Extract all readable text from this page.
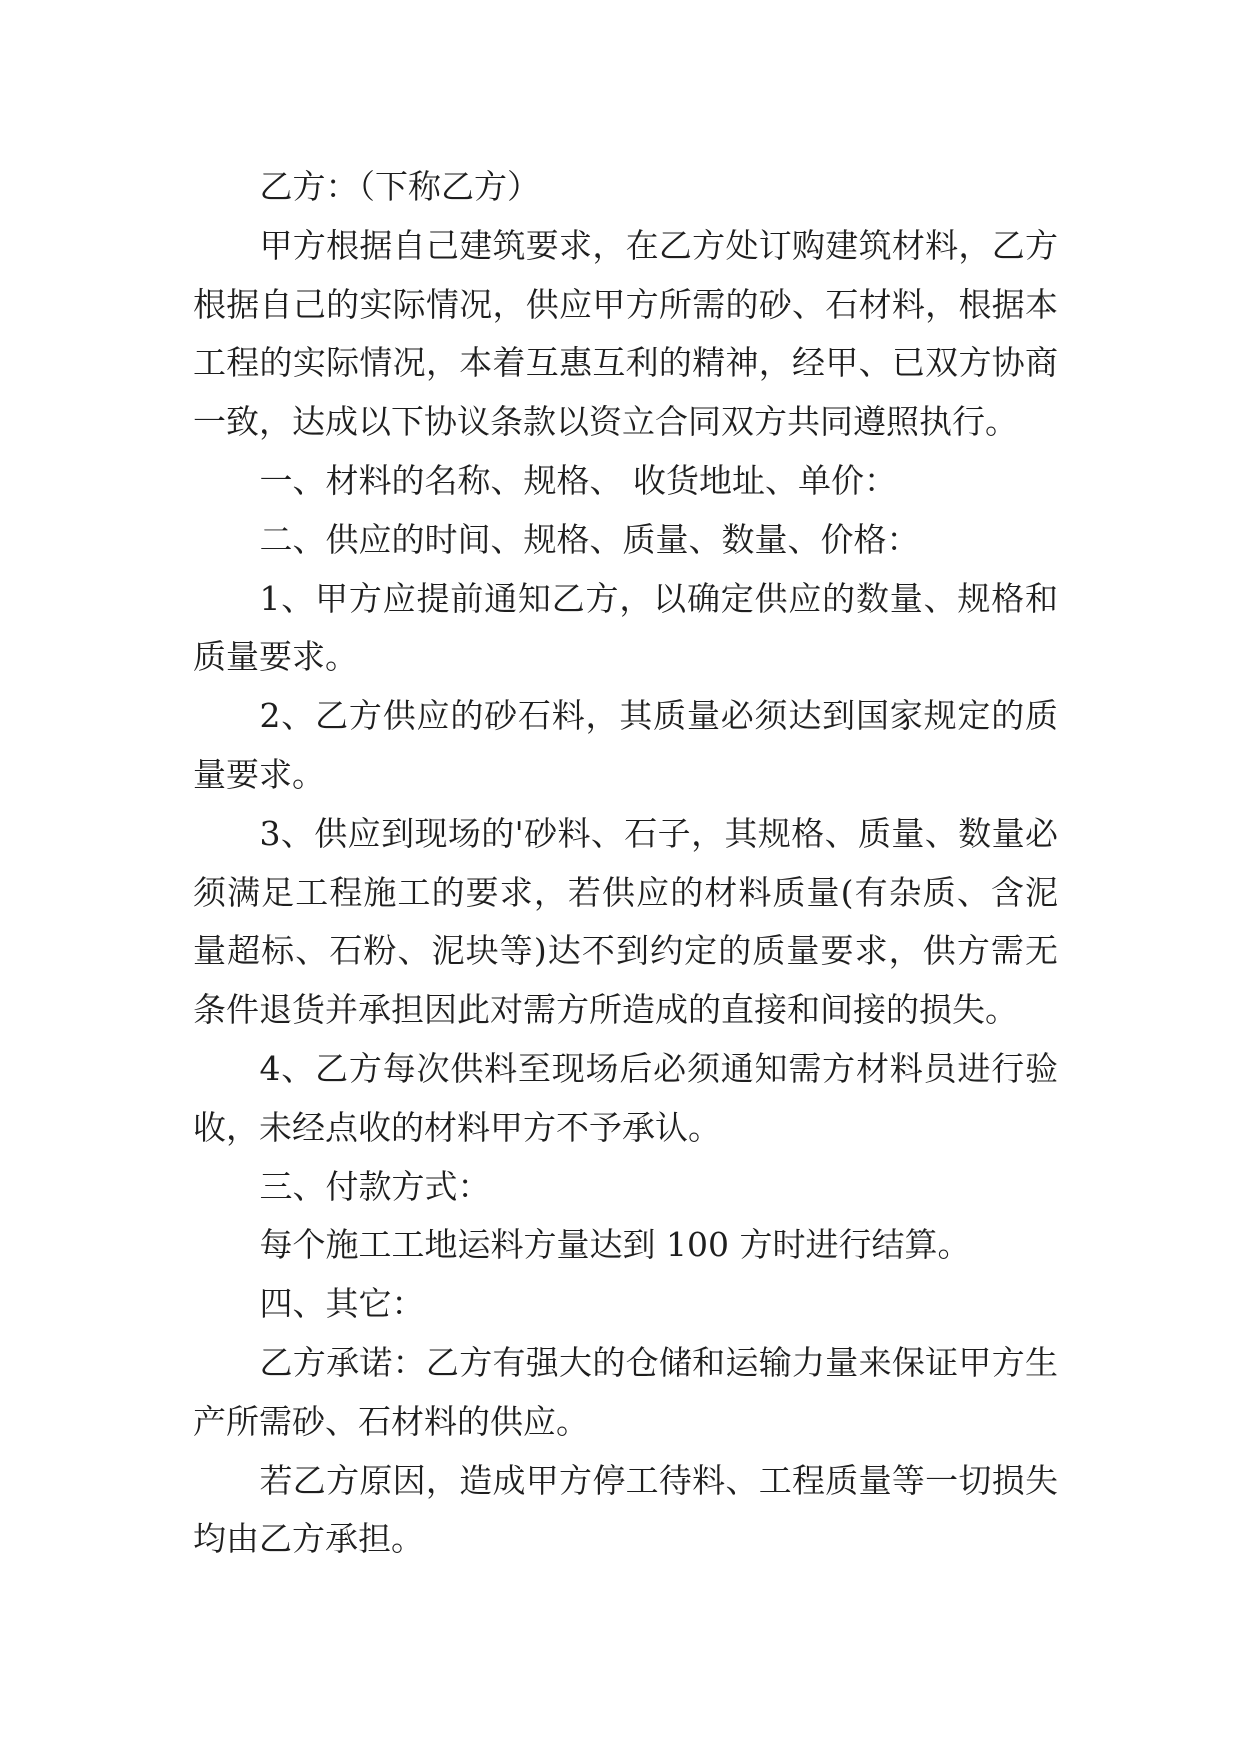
乙方：（下称乙方）
甲方根据自己建筑要求，在乙方处订购建筑材料，乙方
根据自己的实际情况，供应甲方所需的砂、石材料，根据本
工程的实际情况，本着互惠互利的精神，经甲、已双方协商
一致，达成以下协议条款以资立合同双方共同遵照执行。
一、材料的名称、规格、 收货地址、单价：
二、供应的时间、规格、质量、数量、价格：
1、甲方应提前通知乙方，以确定供应的数量、规格和
质量要求。
2、乙方供应的砂石料，其质量必须达到国家规定的质
量要求。
3、供应到现场的'砂料、石子，其规格、质量、数量必
须满足工程施工的要求，若供应的材料质量(有杂质、含泥
量超标、石粉、泥块等)达不到约定的质量要求，供方需无
条件退货并承担因此对需方所造成的直接和间接的损失。
4、乙方每次供料至现场后必须通知需方材料员进行验
收，未经点收的材料甲方不予承认。
三、付款方式：
每个施工工地运料方量达到 100 方时进行结算。
四、其它：
乙方承诺：乙方有强大的仓储和运输力量来保证甲方生
产所需砂、石材料的供应。
若乙方原因，造成甲方停工待料、工程质量等一切损失
均由乙方承担。
